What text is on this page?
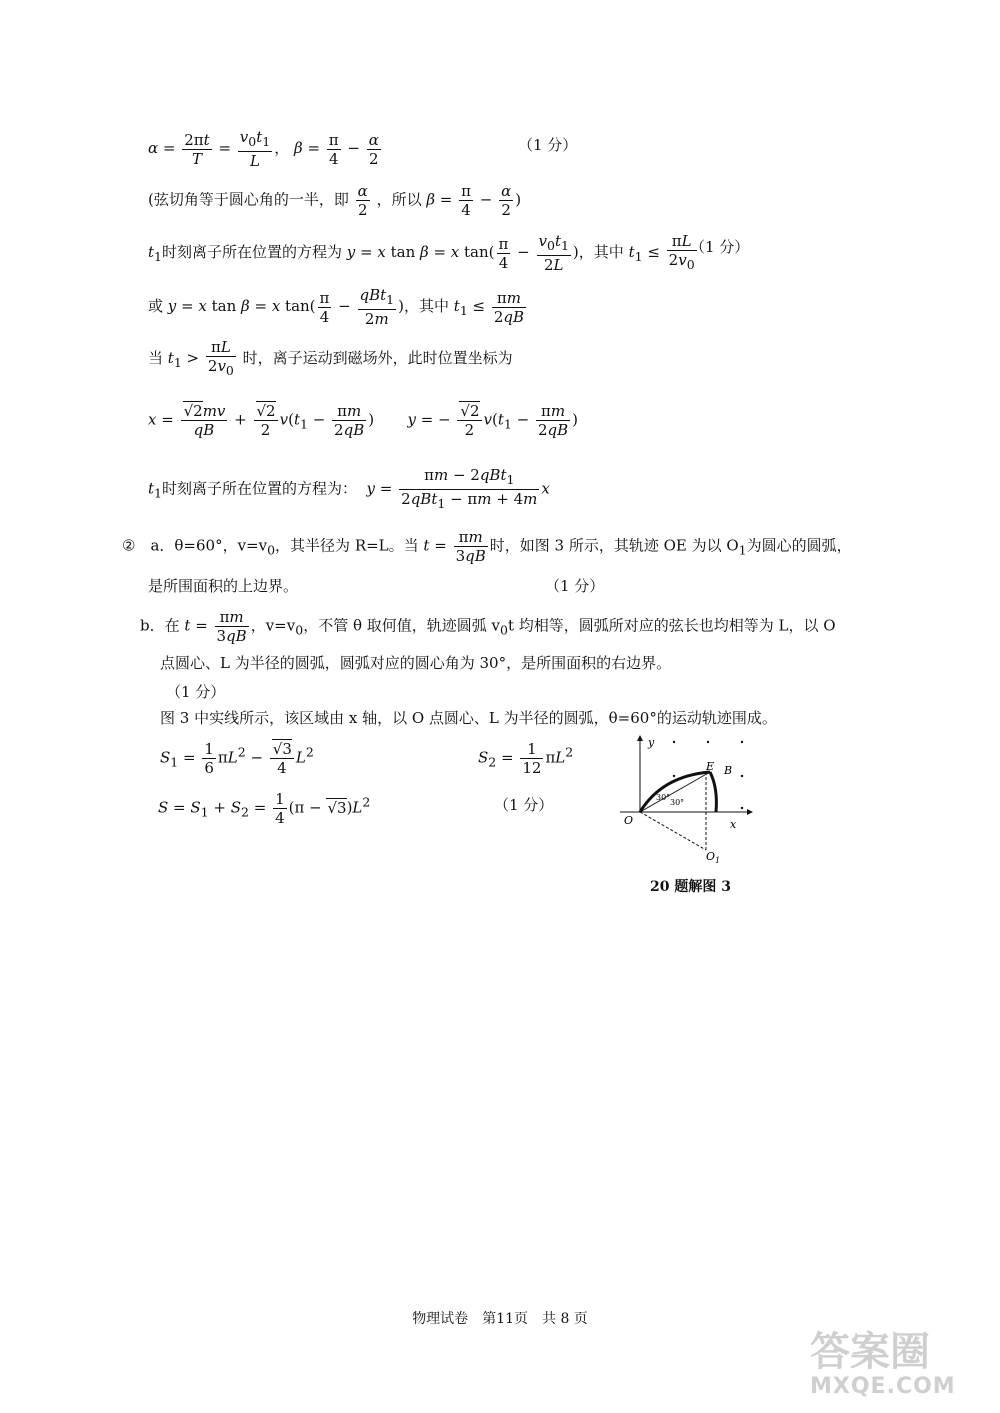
$\alpha = \frac{2\pi t}{T} = \frac{v_0t_1}{L}$ ， $\beta = \frac{\pi}{4} - \frac{\alpha}{2}$	（1 分）
(弦切角等于圆心角的一半，即 $\frac{\alpha}{2}$ ，所以 $\beta = \frac{\pi}{4} - \frac{\alpha}{2}$ )
$t_1$时刻离子所在位置的方程为 y = x tan β = x $\tan( \frac{\pi}{4} - \frac{v_0t_1}{2L}$ )，其中 $t_1 \le \frac{\pi L}{2v_0}$
（1 分）
或 y = x tan β = x $\tan( \frac{\pi}{4} - \frac{qBt_1}{2m}$ )，其中 $t_1 \le \frac{\pi m}{2qB}$
当 $t_1 > \frac{\pi L}{2v_0}$ 时，离子运动到磁场外，此时位置坐标为
$x = \frac{√2mv}{qB} + \frac{√2}{2} v(t_1 - \frac{\pi m}{2qB}$ )       y = − $\frac{√2}{2} v(t_1 - \frac{\pi m}{2qB}$ )
$t_1$时刻离子所在位置的方程为： $y = \frac{\pi m - 2qBt_1}{2qBt_1 - \pi m + 4m}$ x
②　a．θ=60°，$v=v_0$，其半径为 R=L。当 $t = \frac{\pi m}{3qB}$ 时，如图 3 所示，其轨迹 OE 为以 $O_1$为圆心的圆弧，
是所围面积的上边界。	（1 分）
b．在 $t = \frac{\pi m}{3qB}$ ，$v=v_0$，不管 θ 取何值，轨迹圆弧 $v_0t$ 均相等，圆弧所对应的弦长也均相等为 L，以 O
点圆心、L 为半径的圆弧，圆弧对应的圆心角为 30°，是所围面积的右边界。
（1 分）
图 3 中实线所示，该区域由 x 轴，以 O 点圆心、L 为半径的圆弧，θ=60°的运动轨迹围成。
$S_1 = \frac{1}{6} \pi L^2 - \frac{√3}{4} L^2$	$S_2 = \frac{1}{12} \pi L^2$
$S = S_1 + S_2 = \frac{1}{4} (\pi - √3)L^2$	（1 分）
y
x
O
E B
$O_1$
30°
30°
20 题解图 3
物理试卷　第11页　共 8 页
答案圈
MXQE.COM
